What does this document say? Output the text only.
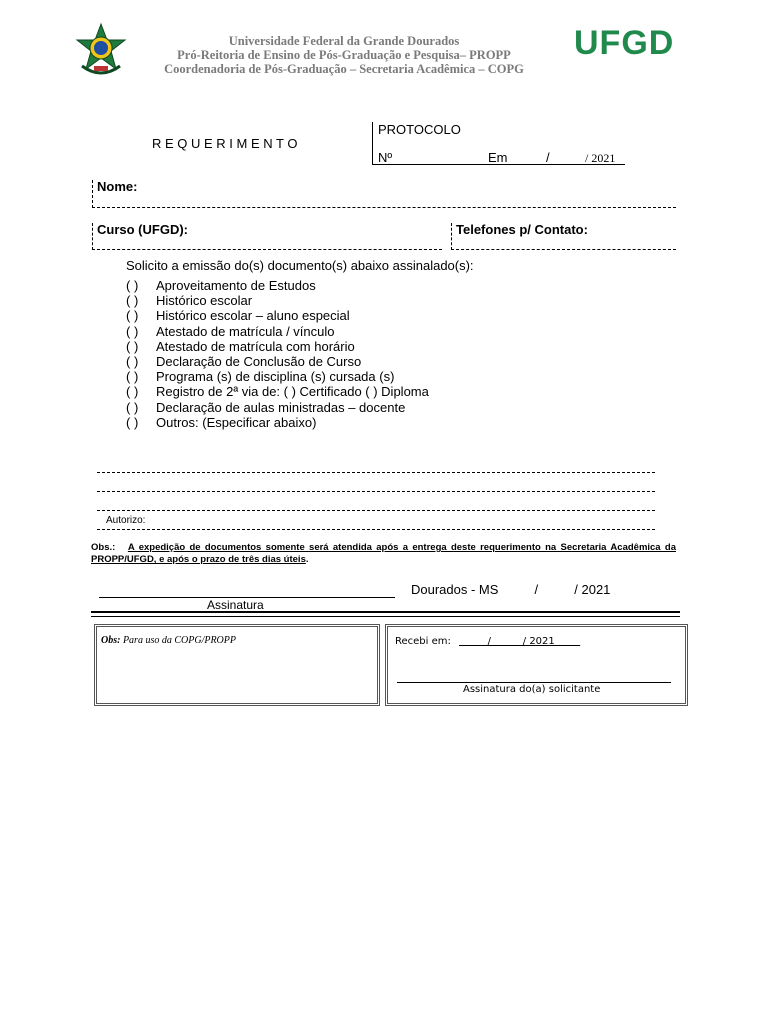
Universidade Federal da Grande Dourados
Pró-Reitoria de Ensino de Pós-Graduação e Pesquisa– PROPP
Coordenadoria de Pós-Graduação – Secretaria Acadêmica – COPG
UFGD
R E Q U E R I M E N T O
PROTOCOLO
Nº	Em	/	/ 2021
Nome:
Curso (UFGD):	Telefones p/ Contato:
Solicito a emissão do(s) documento(s) abaixo assinalado(s):
( ) Aproveitamento de Estudos
( ) Histórico escolar
( ) Histórico escolar – aluno especial
( ) Atestado de matrícula / vínculo
( ) Atestado de matrícula com horário
( ) Declaração de Conclusão de Curso
( ) Programa (s) de disciplina (s) cursada (s)
( ) Registro de 2ª via de: ( ) Certificado ( ) Diploma
( ) Declaração de aulas ministradas – docente
( ) Outros: (Especificar abaixo)
Autorizo:
Obs.: A expedição de documentos somente será atendida após a entrega deste requerimento na Secretaria Acadêmica da PROPP/UFGD, e após o prazo de três dias úteis.
Dourados - MS          /          / 2021
Assinatura
Obs: Para uso da COPG/PROPP	Recebi em: /          / 2021
Assinatura do(a) solicitante
